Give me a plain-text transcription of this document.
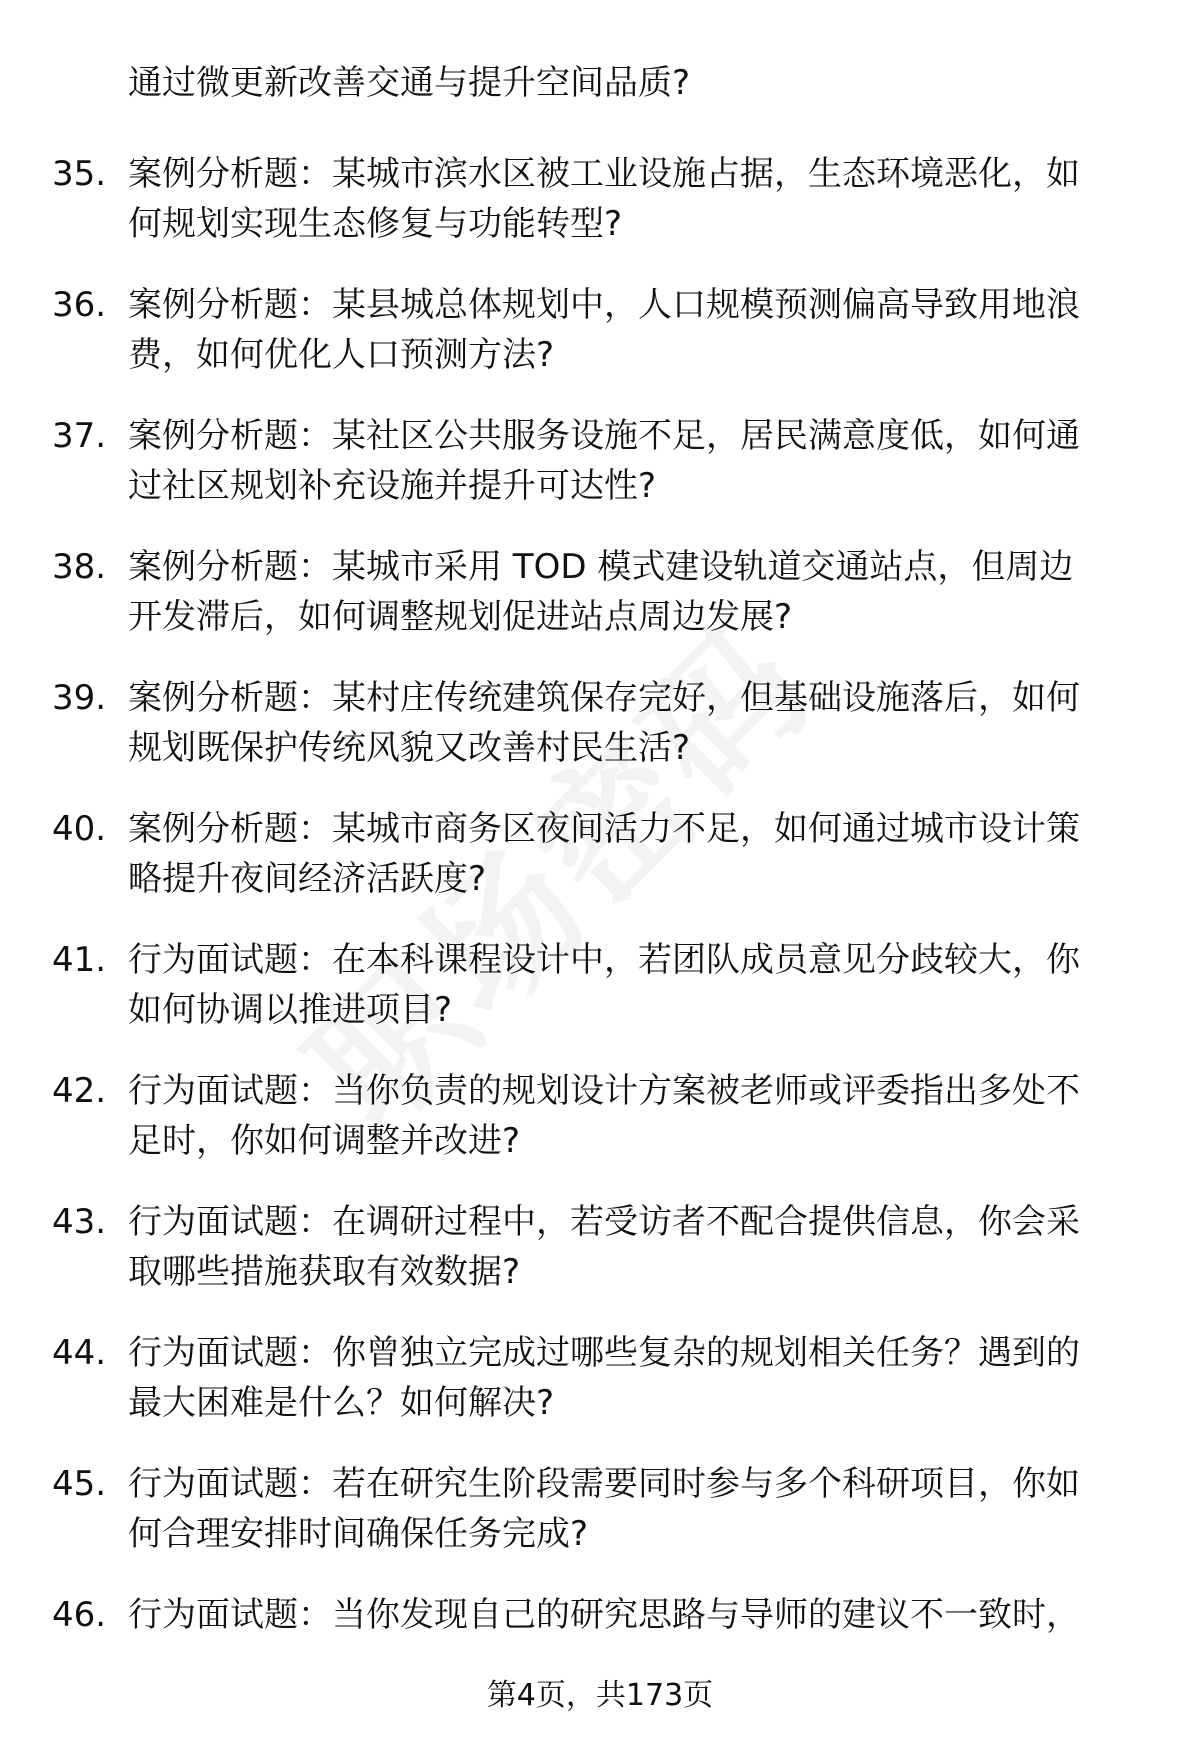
通过微更新改善交通与提升空间品质?
35. 案例分析题：某城市滨水区被工业设施占据，生态环境恶化，如
何规划实现生态修复与功能转型?
36. 案例分析题：某县城总体规划中，人口规模预测偏高导致用地浪
费，如何优化人口预测方法?
37. 案例分析题：某社区公共服务设施不足，居民满意度低，如何通
过社区规划补充设施并提升可达性?
38. 案例分析题：某城市采用 TOD 模式建设轨道交通站点，但周边
开发滞后，如何调整规划促进站点周边发展?
39. 案例分析题：某村庄传统建筑保存完好，但基础设施落后，如何
规划既保护传统风貌又改善村民生活?
40. 案例分析题：某城市商务区夜间活力不足，如何通过城市设计策
略提升夜间经济活跃度?
41. 行为面试题：在本科课程设计中，若团队成员意见分歧较大，你
如何协调以推进项目?
42. 行为面试题：当你负责的规划设计方案被老师或评委指出多处不
足时，你如何调整并改进?
43. 行为面试题：在调研过程中，若受访者不配合提供信息，你会采
取哪些措施获取有效数据?
44. 行为面试题：你曾独立完成过哪些复杂的规划相关任务？遇到的
最大困难是什么？如何解决?
45. 行为面试题：若在研究生阶段需要同时参与多个科研项目，你如
何合理安排时间确保任务完成?
46. 行为面试题：当你发现自己的研究思路与导师的建议不一致时，
第4页，共173页
